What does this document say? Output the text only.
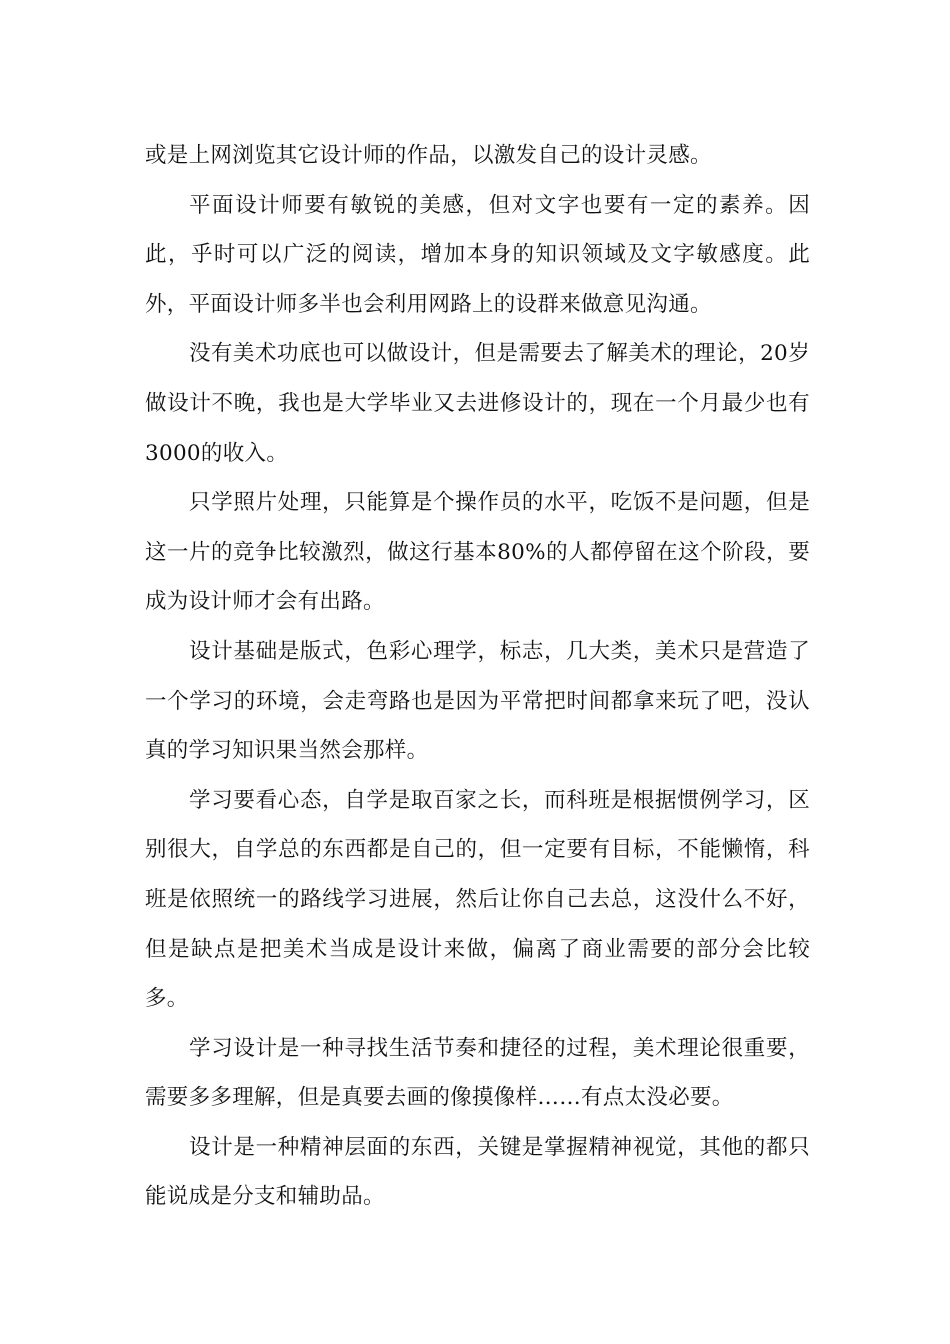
或是上网浏览其它设计师的作品，以激发自己的设计灵感。

平面设计师要有敏锐的美感，但对文字也要有一定的素养。因此，乎时可以广泛的阅读，增加本身的知识领域及文字敏感度。此外，平面设计师多半也会利用网路上的设群来做意见沟通。

没有美术功底也可以做设计，但是需要去了解美术的理论，20岁做设计不晚，我也是大学毕业又去进修设计的，现在一个月最少也有3000的收入。

只学照片处理，只能算是个操作员的水平，吃饭不是问题，但是这一片的竞争比较激烈，做这行基本80%的人都停留在这个阶段，要成为设计师才会有出路。

设计基础是版式，色彩心理学，标志，几大类，美术只是营造了一个学习的环境，会走弯路也是因为平常把时间都拿来玩了吧，没认真的学习知识果当然会那样。

学习要看心态，自学是取百家之长，而科班是根据惯例学习，区别很大，自学总的东西都是自己的，但一定要有目标，不能懒惰，科班是依照统一的路线学习进展，然后让你自己去总，这没什么不好，但是缺点是把美术当成是设计来做，偏离了商业需要的部分会比较多。

学习设计是一种寻找生活节奏和捷径的过程，美术理论很重要，需要多多理解，但是真要去画的像摸像样……有点太没必要。

设计是一种精神层面的东西，关键是掌握精神视觉，其他的都只能说成是分支和辅助品。
